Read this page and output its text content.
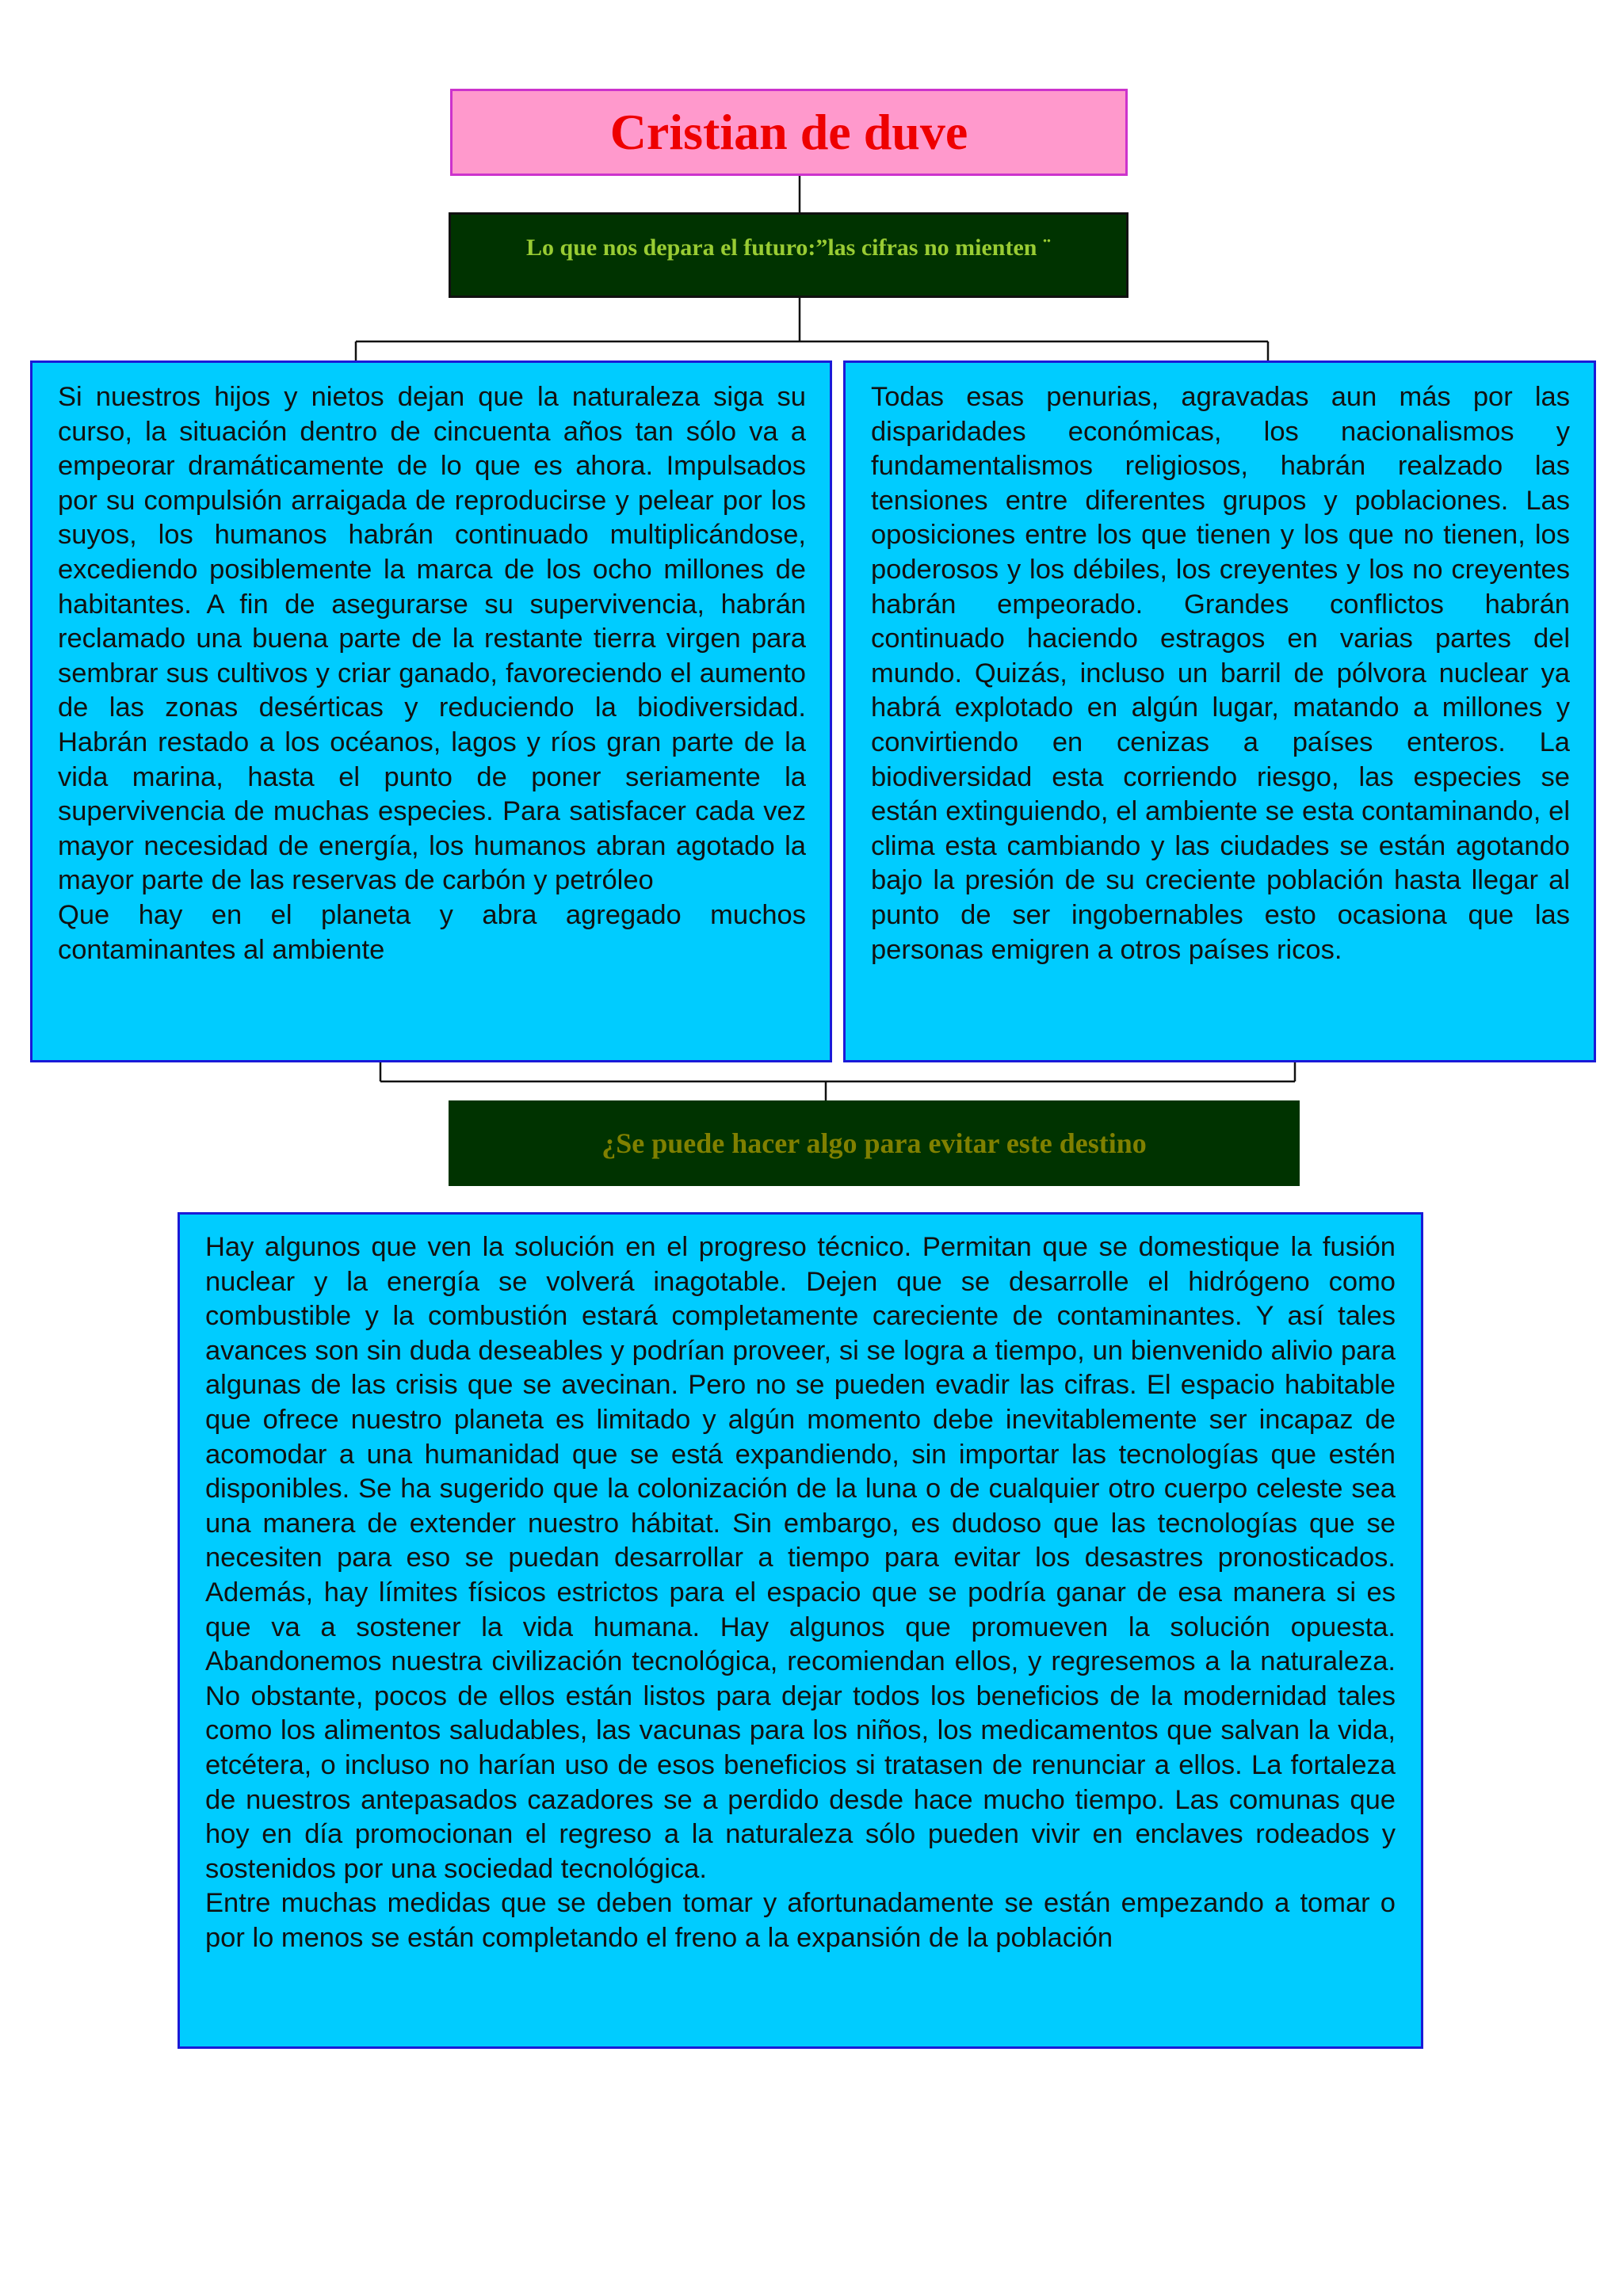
Cristian de duve
Lo que nos depara el futuro:”las cifras no mienten ¨

Si nuestros hijos y nietos dejan que la naturaleza siga su curso, la situación dentro de cincuenta años tan sólo va a empeorar dramáticamente de lo que es ahora. Impulsados por su compulsión arraigada de reproducirse y pelear por los suyos, los humanos habrán continuado multiplicándose, excediendo posiblemente la marca de los ocho millones de habitantes. A fin de asegurarse su supervivencia, habrán reclamado una buena parte de la restante tierra virgen para sembrar sus cultivos y criar ganado, favoreciendo el aumento de las zonas desérticas y reduciendo la biodiversidad. Habrán restado a los océanos, lagos y ríos gran parte de la vida marina, hasta el punto de poner seriamente la supervivencia de muchas especies. Para satisfacer cada vez mayor necesidad de energía, los humanos abran agotado la mayor parte de las reservas de carbón y petróleo

Que hay en el planeta y abra agregado muchos contaminantes al ambiente

Todas esas penurias, agravadas aun más por las disparidades económicas, los nacionalismos y fundamentalismos religiosos, habrán realzado las tensiones entre diferentes grupos y poblaciones. Las oposiciones entre los que tienen y los que no tienen, los poderosos y los débiles, los creyentes y los no creyentes habrán empeorado. Grandes conflictos habrán continuado haciendo estragos en varias partes del mundo. Quizás, incluso un barril de pólvora nuclear ya habrá explotado en algún lugar, matando a millones y convirtiendo en cenizas a países enteros. La biodiversidad esta corriendo riesgo, las especies se están extinguiendo, el ambiente se esta contaminando, el clima esta cambiando y las ciudades se están agotando bajo la presión de su creciente población hasta llegar al punto de ser ingobernables esto ocasiona que las personas emigren a otros países ricos.

¿Se puede hacer algo para evitar este destino

Hay algunos que ven la solución en el progreso técnico. Permitan que se domestique la fusión nuclear y la energía se volverá inagotable. Dejen que se desarrolle el hidrógeno como combustible y la combustión estará completamente careciente de contaminantes. Y así tales avances son sin duda deseables y podrían proveer, si se logra a tiempo, un bienvenido alivio para algunas de las crisis que se avecinan. Pero no se pueden evadir las cifras. El espacio habitable que ofrece nuestro planeta es limitado y algún momento debe inevitablemente ser incapaz de acomodar a una humanidad que se está expandiendo, sin importar las tecnologías que estén disponibles. Se ha sugerido que la colonización de la luna o de cualquier otro cuerpo celeste sea una manera de extender nuestro hábitat. Sin embargo, es dudoso que las tecnologías que se necesiten para eso se puedan desarrollar a tiempo para evitar los desastres pronosticados. Además, hay límites físicos estrictos para el espacio que se podría ganar de esa manera si es que va a sostener la vida humana. Hay algunos que promueven la solución opuesta. Abandonemos nuestra civilización tecnológica, recomiendan ellos, y regresemos a la naturaleza. No obstante, pocos de ellos están listos para dejar todos los beneficios de la modernidad tales como los alimentos saludables, las vacunas para los niños, los medicamentos que salvan la vida, etcétera, o incluso no harían uso de esos beneficios si tratasen de renunciar a ellos. La fortaleza de nuestros antepasados cazadores se a perdido desde hace mucho tiempo. Las comunas que hoy en día promocionan el regreso a la naturaleza sólo pueden vivir en enclaves rodeados y sostenidos por una sociedad tecnológica.

Entre muchas medidas que se deben tomar y afortunadamente se están empezando a tomar o por lo menos se están completando el freno a la expansión de la población
